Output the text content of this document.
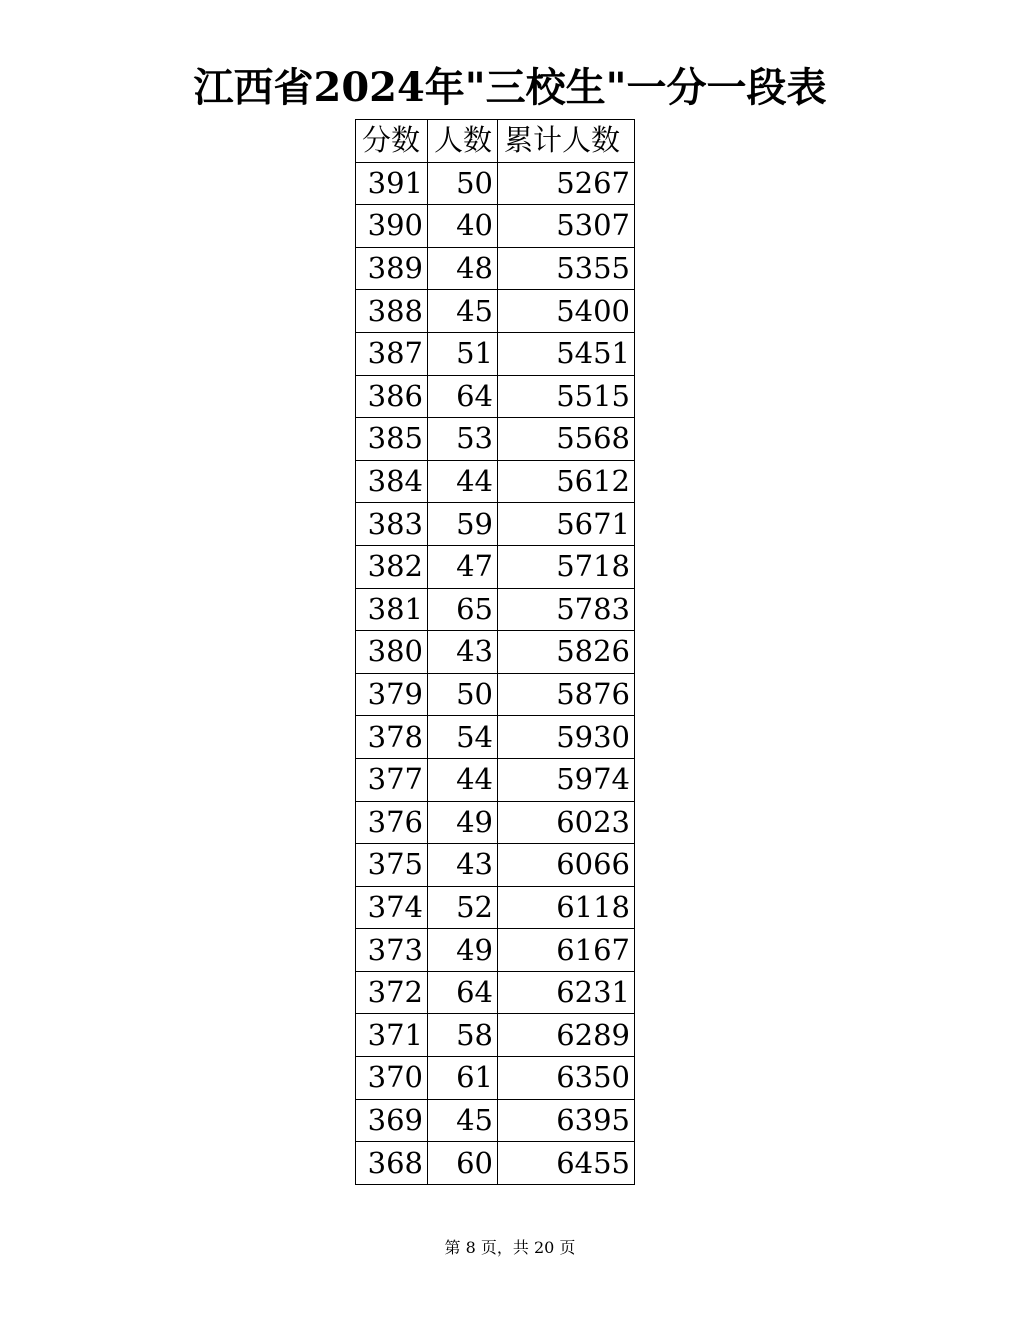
江西省2024年"三校生"一分一段表
分数	人数	累计人数
391	50	5267
390	40	5307
389	48	5355
388	45	5400
387	51	5451
386	64	5515
385	53	5568
384	44	5612
383	59	5671
382	47	5718
381	65	5783
380	43	5826
379	50	5876
378	54	5930
377	44	5974
376	49	6023
375	43	6066
374	52	6118
373	49	6167
372	64	6231
371	58	6289
370	61	6350
369	45	6395
368	60	6455
第 8 页，共 20 页
